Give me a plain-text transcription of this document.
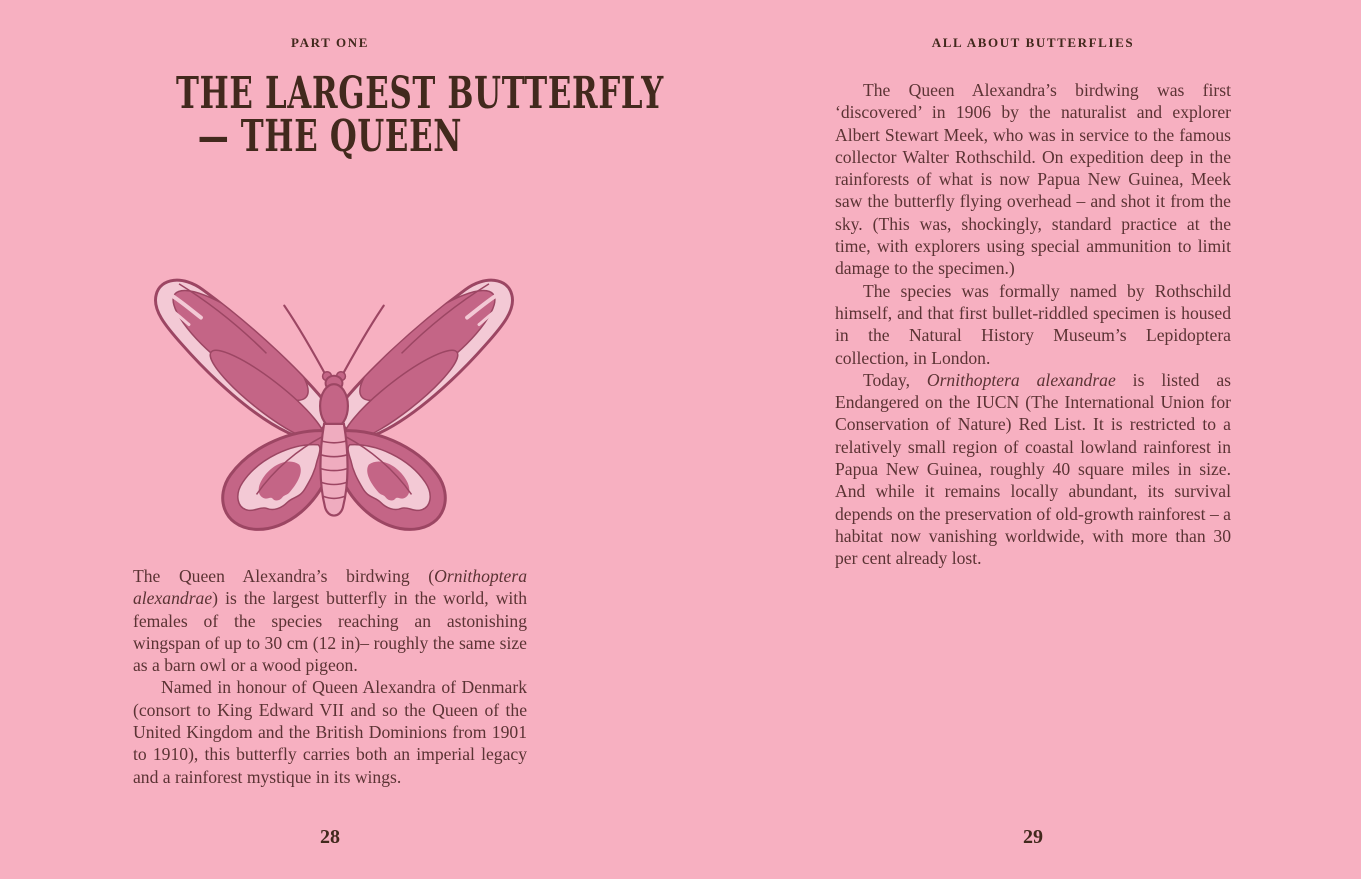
PART ONE
THE LARGEST BUTTERFLY
— THE QUEEN

The Queen Alexandra’s birdwing (Ornithoptera alexandrae) is the largest butterfly in the world, with females of the species reaching an astonishing wingspan of up to 30 cm (12 in)– roughly the same size as a barn owl or a wood pigeon.

Named in honour of Queen Alexandra of Denmark (consort to King Edward VII and so the Queen of the United Kingdom and the British Dominions from 1901 to 1910), this butterfly carries both an imperial legacy and a rainforest mystique in its wings.

28
ALL ABOUT BUTTERFLIES

The Queen Alexandra’s birdwing was first ‘discovered’ in 1906 by the naturalist and explorer Albert Stewart Meek, who was in service to the famous collector Walter Rothschild. On expedition deep in the rainforests of what is now Papua New Guinea, Meek saw the butterfly flying overhead – and shot it from the sky. (This was, shockingly, standard practice at the time, with explorers using special ammunition to limit damage to the specimen.)

The species was formally named by Rothschild himself, and that first bullet-riddled specimen is housed in the Natural History Museum’s Lepidoptera collection, in London.

Today, Ornithoptera alexandrae is listed as Endangered on the IUCN (The International Union for Conservation of Nature) Red List. It is restricted to a relatively small region of coastal lowland rainforest in Papua New Guinea, roughly 40 square miles in size. And while it remains locally abundant, its survival depends on the preservation of old-growth rainforest – a habitat now vanishing worldwide, with more than 30 per cent already lost.

29
